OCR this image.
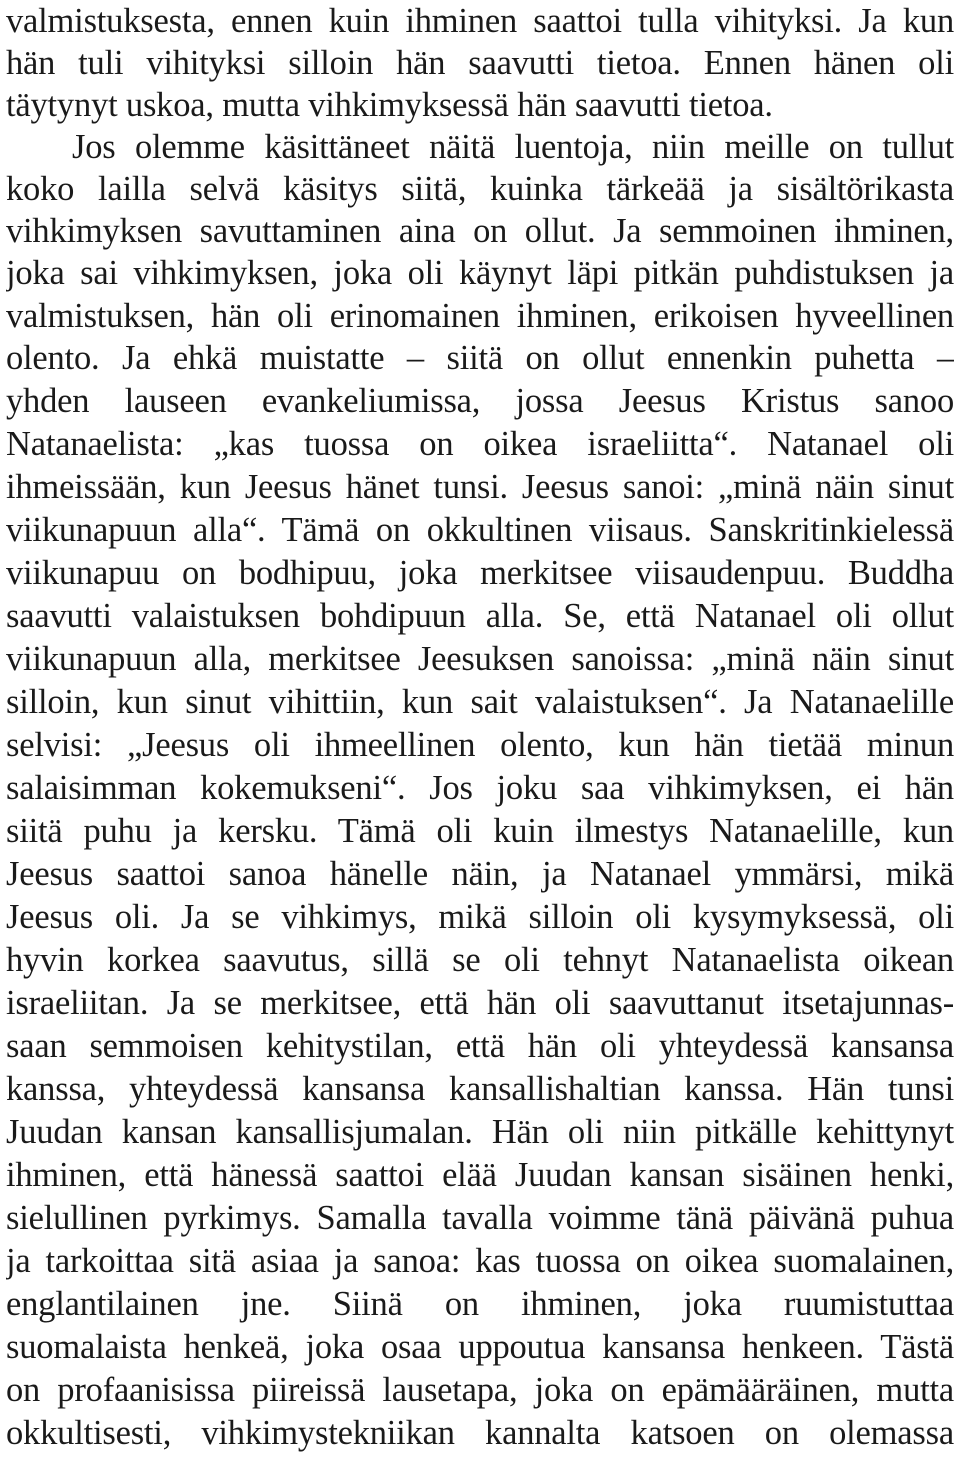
valmistuksesta, ennen kuin ihminen saattoi tulla vihityksi. Ja kun
hän tuli vihityksi silloin hän saavutti tietoa. Ennen hänen oli
täytynyt uskoa, mutta vihkimyksessä hän saavutti tietoa.
Jos olemme käsittäneet näitä luentoja, niin meille on tullut
koko lailla selvä käsitys siitä, kuinka tärkeää ja sisältörikasta
vihkimyksen savuttaminen aina on ollut. Ja semmoinen ihminen,
joka sai vihkimyksen, joka oli käynyt läpi pitkän puhdistuksen ja
valmistuksen, hän oli erinomainen ihminen, erikoisen hyveellinen
olento. Ja ehkä muistatte – siitä on ollut ennenkin puhetta –
yhden lauseen evankeliumissa, jossa Jeesus Kristus sanoo
Natanaelista: „kas tuossa on oikea israeliitta“. Natanael oli
ihmeissään, kun Jeesus hänet tunsi. Jeesus sanoi: „minä näin sinut
viikunapuun alla“. Tämä on okkultinen viisaus. Sanskritinkielessä
viikunapuu on bodhipuu, joka merkitsee viisaudenpuu. Buddha
saavutti valaistuksen bohdipuun alla. Se, että Natanael oli ollut
viikunapuun alla, merkitsee Jeesuksen sanoissa: „minä näin sinut
silloin, kun sinut vihittiin, kun sait valaistuksen“. Ja Natanaelille
selvisi: „Jeesus oli ihmeellinen olento, kun hän tietää minun
salaisimman kokemukseni“. Jos joku saa vihkimyksen, ei hän
siitä puhu ja kersku. Tämä oli kuin ilmestys Natanaelille, kun
Jeesus saattoi sanoa hänelle näin, ja Natanael ymmärsi, mikä
Jeesus oli. Ja se vihkimys, mikä silloin oli kysymyksessä, oli
hyvin korkea saavutus, sillä se oli tehnyt Natanaelista oikean
israeliitan. Ja se merkitsee, että hän oli saavuttanut itsetajunnas-
saan semmoisen kehitystilan, että hän oli yhteydessä kansansa
kanssa, yhteydessä kansansa kansallishaltian kanssa. Hän tunsi
Juudan kansan kansallisjumalan. Hän oli niin pitkälle kehittynyt
ihminen, että hänessä saattoi elää Juudan kansan sisäinen henki,
sielullinen pyrkimys. Samalla tavalla voimme tänä päivänä puhua
ja tarkoittaa sitä asiaa ja sanoa: kas tuossa on oikea suomalainen,
englantilainen jne. Siinä on ihminen, joka ruumistuttaa
suomalaista henkeä, joka osaa uppoutua kansansa henkeen. Tästä
on profaanisissa piireissä lausetapa, joka on epämääräinen, mutta
okkultisesti, vihkimystekniikan kannalta katsoen on olemassa
